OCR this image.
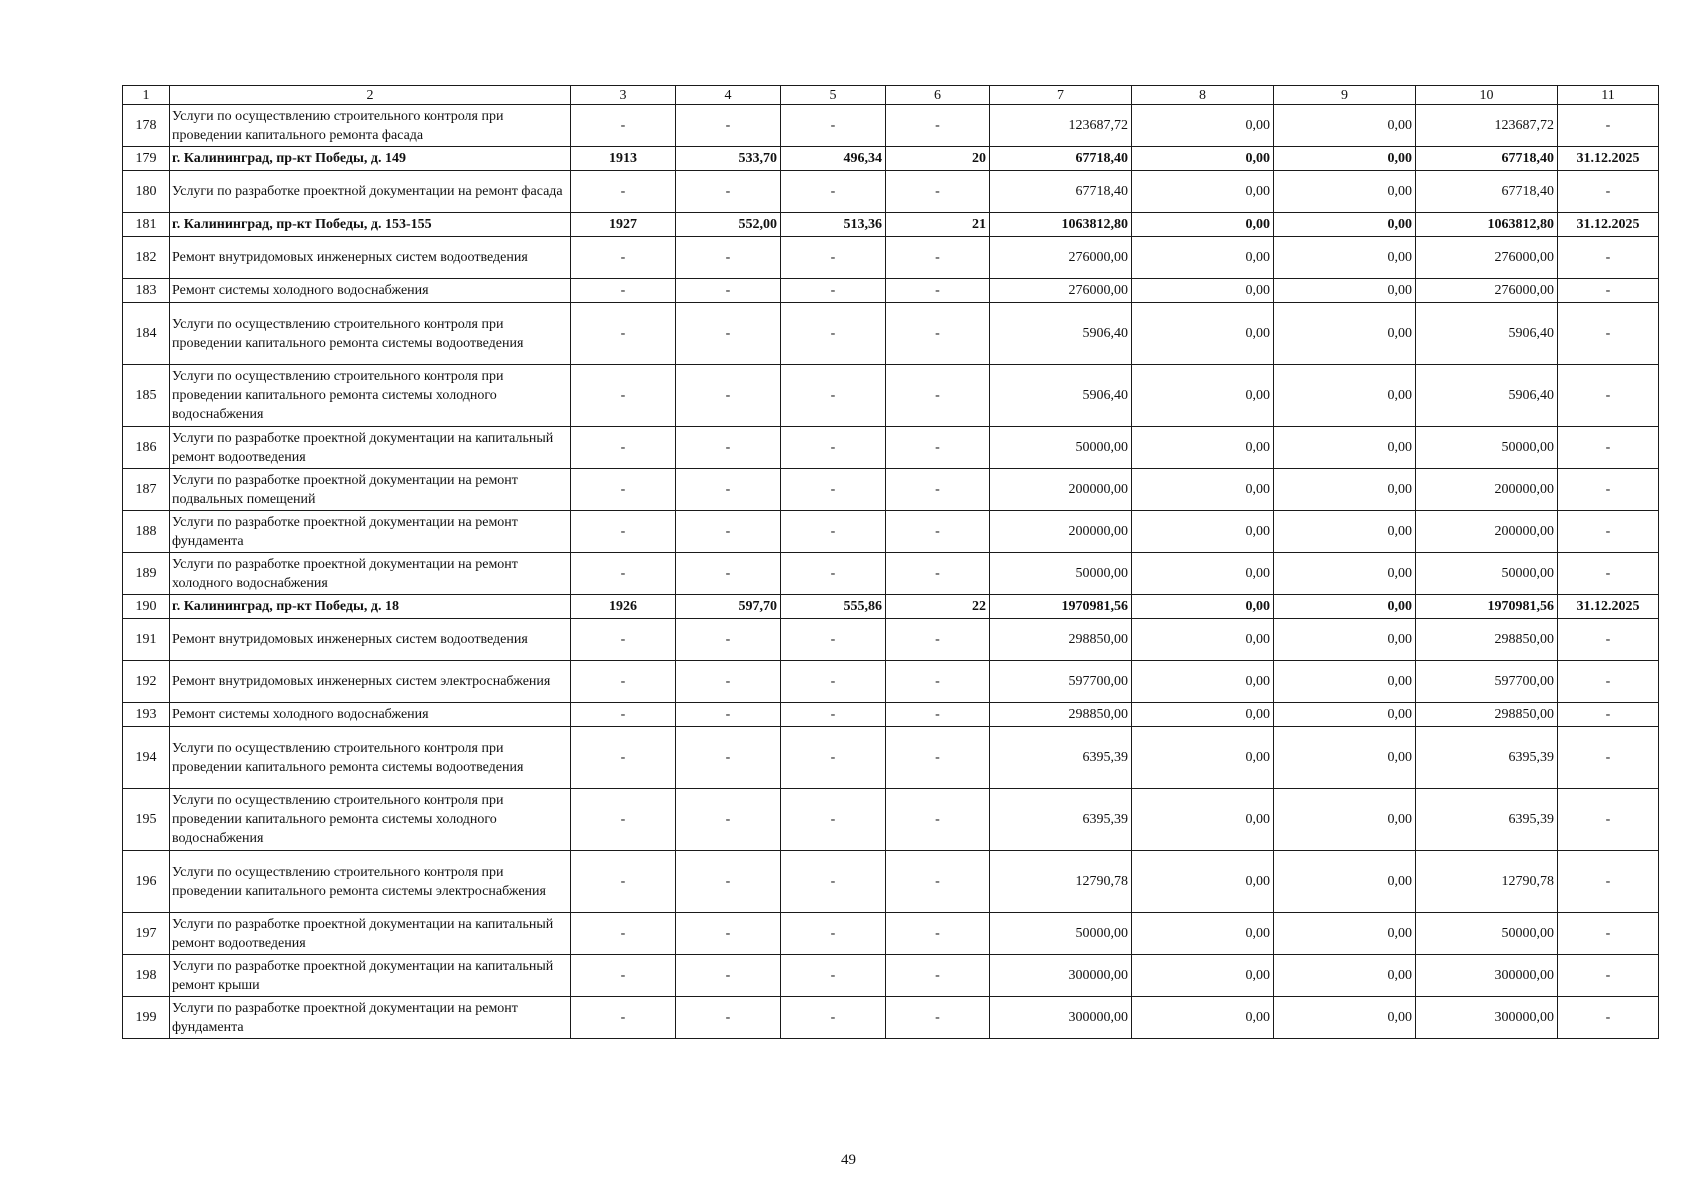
1	2	3	4	5	6	7	8	9	10	11
178	Услуги по осуществлению строительного контроля при проведении капитального ремонта фасада	-	-	-	-	123687,72	0,00	0,00	123687,72	-
179	г. Калининград, пр-кт Победы, д. 149	1913	533,70	496,34	20	67718,40	0,00	0,00	67718,40	31.12.2025
180	Услуги по разработке проектной документации на ремонт фасада	-	-	-	-	67718,40	0,00	0,00	67718,40	-
181	г. Калининград, пр-кт Победы, д. 153-155	1927	552,00	513,36	21	1063812,80	0,00	0,00	1063812,80	31.12.2025
182	Ремонт внутридомовых инженерных систем водоотведения	-	-	-	-	276000,00	0,00	0,00	276000,00	-
183	Ремонт системы холодного водоснабжения	-	-	-	-	276000,00	0,00	0,00	276000,00	-
184	Услуги по осуществлению строительного контроля при проведении капитального ремонта системы водоотведения	-	-	-	-	5906,40	0,00	0,00	5906,40	-
185	Услуги по осуществлению строительного контроля при проведении капитального ремонта системы холодного водоснабжения	-	-	-	-	5906,40	0,00	0,00	5906,40	-
186	Услуги по разработке проектной документации на капитальный ремонт водоотведения	-	-	-	-	50000,00	0,00	0,00	50000,00	-
187	Услуги по разработке проектной документации на ремонт подвальных помещений	-	-	-	-	200000,00	0,00	0,00	200000,00	-
188	Услуги по разработке проектной документации на ремонт фундамента	-	-	-	-	200000,00	0,00	0,00	200000,00	-
189	Услуги по разработке проектной документации на ремонт холодного водоснабжения	-	-	-	-	50000,00	0,00	0,00	50000,00	-
190	г. Калининград, пр-кт Победы, д. 18	1926	597,70	555,86	22	1970981,56	0,00	0,00	1970981,56	31.12.2025
191	Ремонт внутридомовых инженерных систем водоотведения	-	-	-	-	298850,00	0,00	0,00	298850,00	-
192	Ремонт внутридомовых инженерных систем электроснабжения	-	-	-	-	597700,00	0,00	0,00	597700,00	-
193	Ремонт системы холодного водоснабжения	-	-	-	-	298850,00	0,00	0,00	298850,00	-
194	Услуги по осуществлению строительного контроля при проведении капитального ремонта системы водоотведения	-	-	-	-	6395,39	0,00	0,00	6395,39	-
195	Услуги по осуществлению строительного контроля при проведении капитального ремонта системы холодного водоснабжения	-	-	-	-	6395,39	0,00	0,00	6395,39	-
196	Услуги по осуществлению строительного контроля при проведении капитального ремонта системы электроснабжения	-	-	-	-	12790,78	0,00	0,00	12790,78	-
197	Услуги по разработке проектной документации на капитальный ремонт водоотведения	-	-	-	-	50000,00	0,00	0,00	50000,00	-
198	Услуги по разработке проектной документации на капитальный ремонт крыши	-	-	-	-	300000,00	0,00	0,00	300000,00	-
199	Услуги по разработке проектной документации на ремонт фундамента	-	-	-	-	300000,00	0,00	0,00	300000,00	-
49
